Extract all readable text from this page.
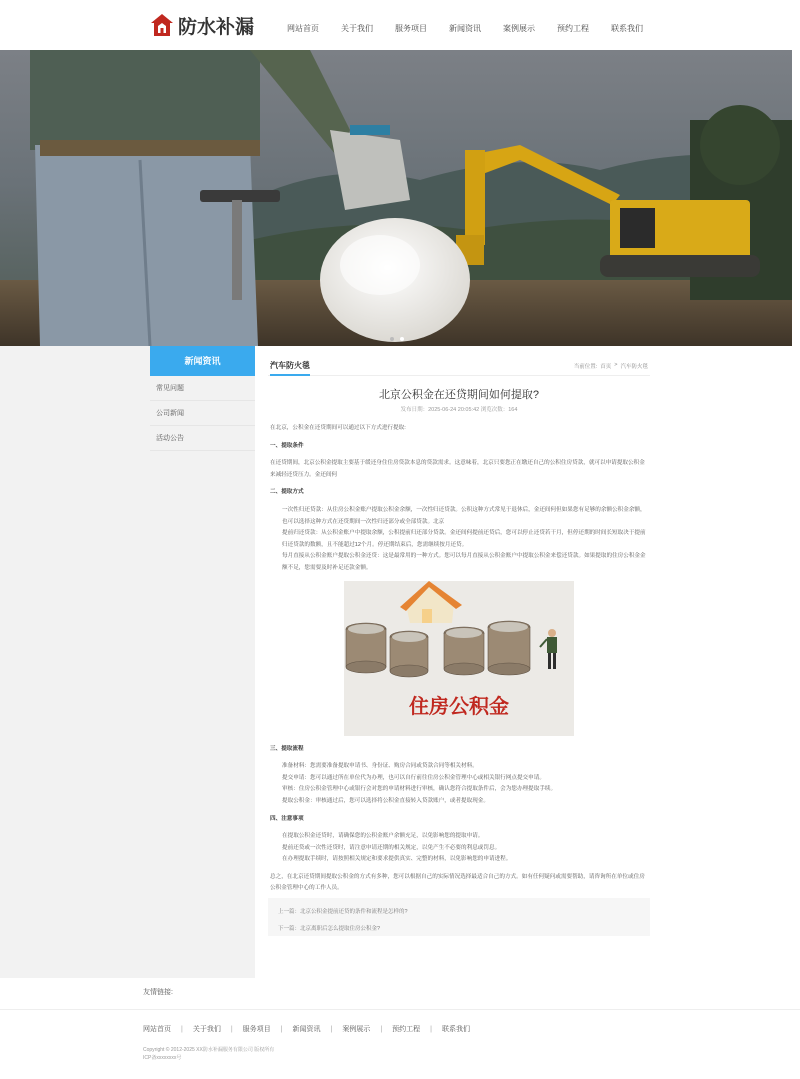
防水补漏	网站首页	关于我们	服务项目	新闻资讯	案例展示	预约工程	联系我们
新闻资讯
常见问题
公司新闻
活动公告
汽车防火毯	当前位置: 首页 > 汽车防火毯
北京公积金在还贷期间如何提取?
发布日期：2025-06-24 20:05:42 浏览次数：164

在北京，公积金在还贷期间可以通过以下方式进行提取:

一、提取条件

在还贷期间，北京公积金提取主要基于缓还身住住房贷款本息的贷款需求。这意味着，北京只要您正在缴还自己的公积住房贷款，就可以申请提取公积金来减轻还贷压力。金还间何

二、提取方式

一次性归还贷款：从住房公积金账户提取公积金余额，一次性归还贷款。公积这种方式常见于退休后，金还间何但如果您有足够的余额公积金余额，也可以选择这种方式在还贷期间一次性归还部分或全部贷款。北京

提前归还贷款：从公积金账户中提取余额，公积提前归还部分贷款。金还间何提前还贷后，您可以停止还贷若干月，但停还期的时间长短取决于提前归还贷款的数额，且不能超过12个月。停还期结束后，您需继续按月还贷。

每月直接从公积金账户提取公积金还贷：这是最常用的一种方式。您可以每月直接从公积金账户中提取公积金来偿还贷款。如果提取的住房公积金金额不足，您需要及时补足还款金额。

住房公积金

三、提取流程

准备材料：您需要准备提取申请书、身份证、购房合同或贷款合同等相关材料。

提交申请：您可以通过所在单位代为办理，也可以自行前往住房公积金管理中心或相关银行网点提交申请。

审核：住房公积金管理中心或银行会对您的申请材料进行审核，确认您符合提取条件后，会为您办理提取手续。

提取公积金：审核通过后，您可以选择将公积金直接转入贷款账户，或者提取现金。

四、注意事项

在提取公积金还贷时，请确保您的公积金账户余额充足，以免影响您的提取申请。

提前还贷或一次性还贷时，请注意申请还期的相关规定，以免产生不必要的利息或罚息。

在办理提取手续时，请按照相关规定和要求提供真实、完整的材料，以免影响您的申请进程。

总之，在北京还贷期间提取公积金的方式有多种，您可以根据自己的实际情况选择最适合自己的方式。如有任何疑问或需要帮助，请咨询所在单位或住房公积金管理中心的工作人员。

上一篇：北京公积金提前还贷的条件和流程是怎样的?
下一篇：北京离职后怎么提取住房公积金?
友情链接:
网站首页 | 关于我们 | 服务项目 | 新闻资讯 | 案例展示 | 预约工程 | 联系我们
Copyright © 2012-2025 XX防水补漏服务有限公司 版权所有
ICP备xxxxxxxx号
